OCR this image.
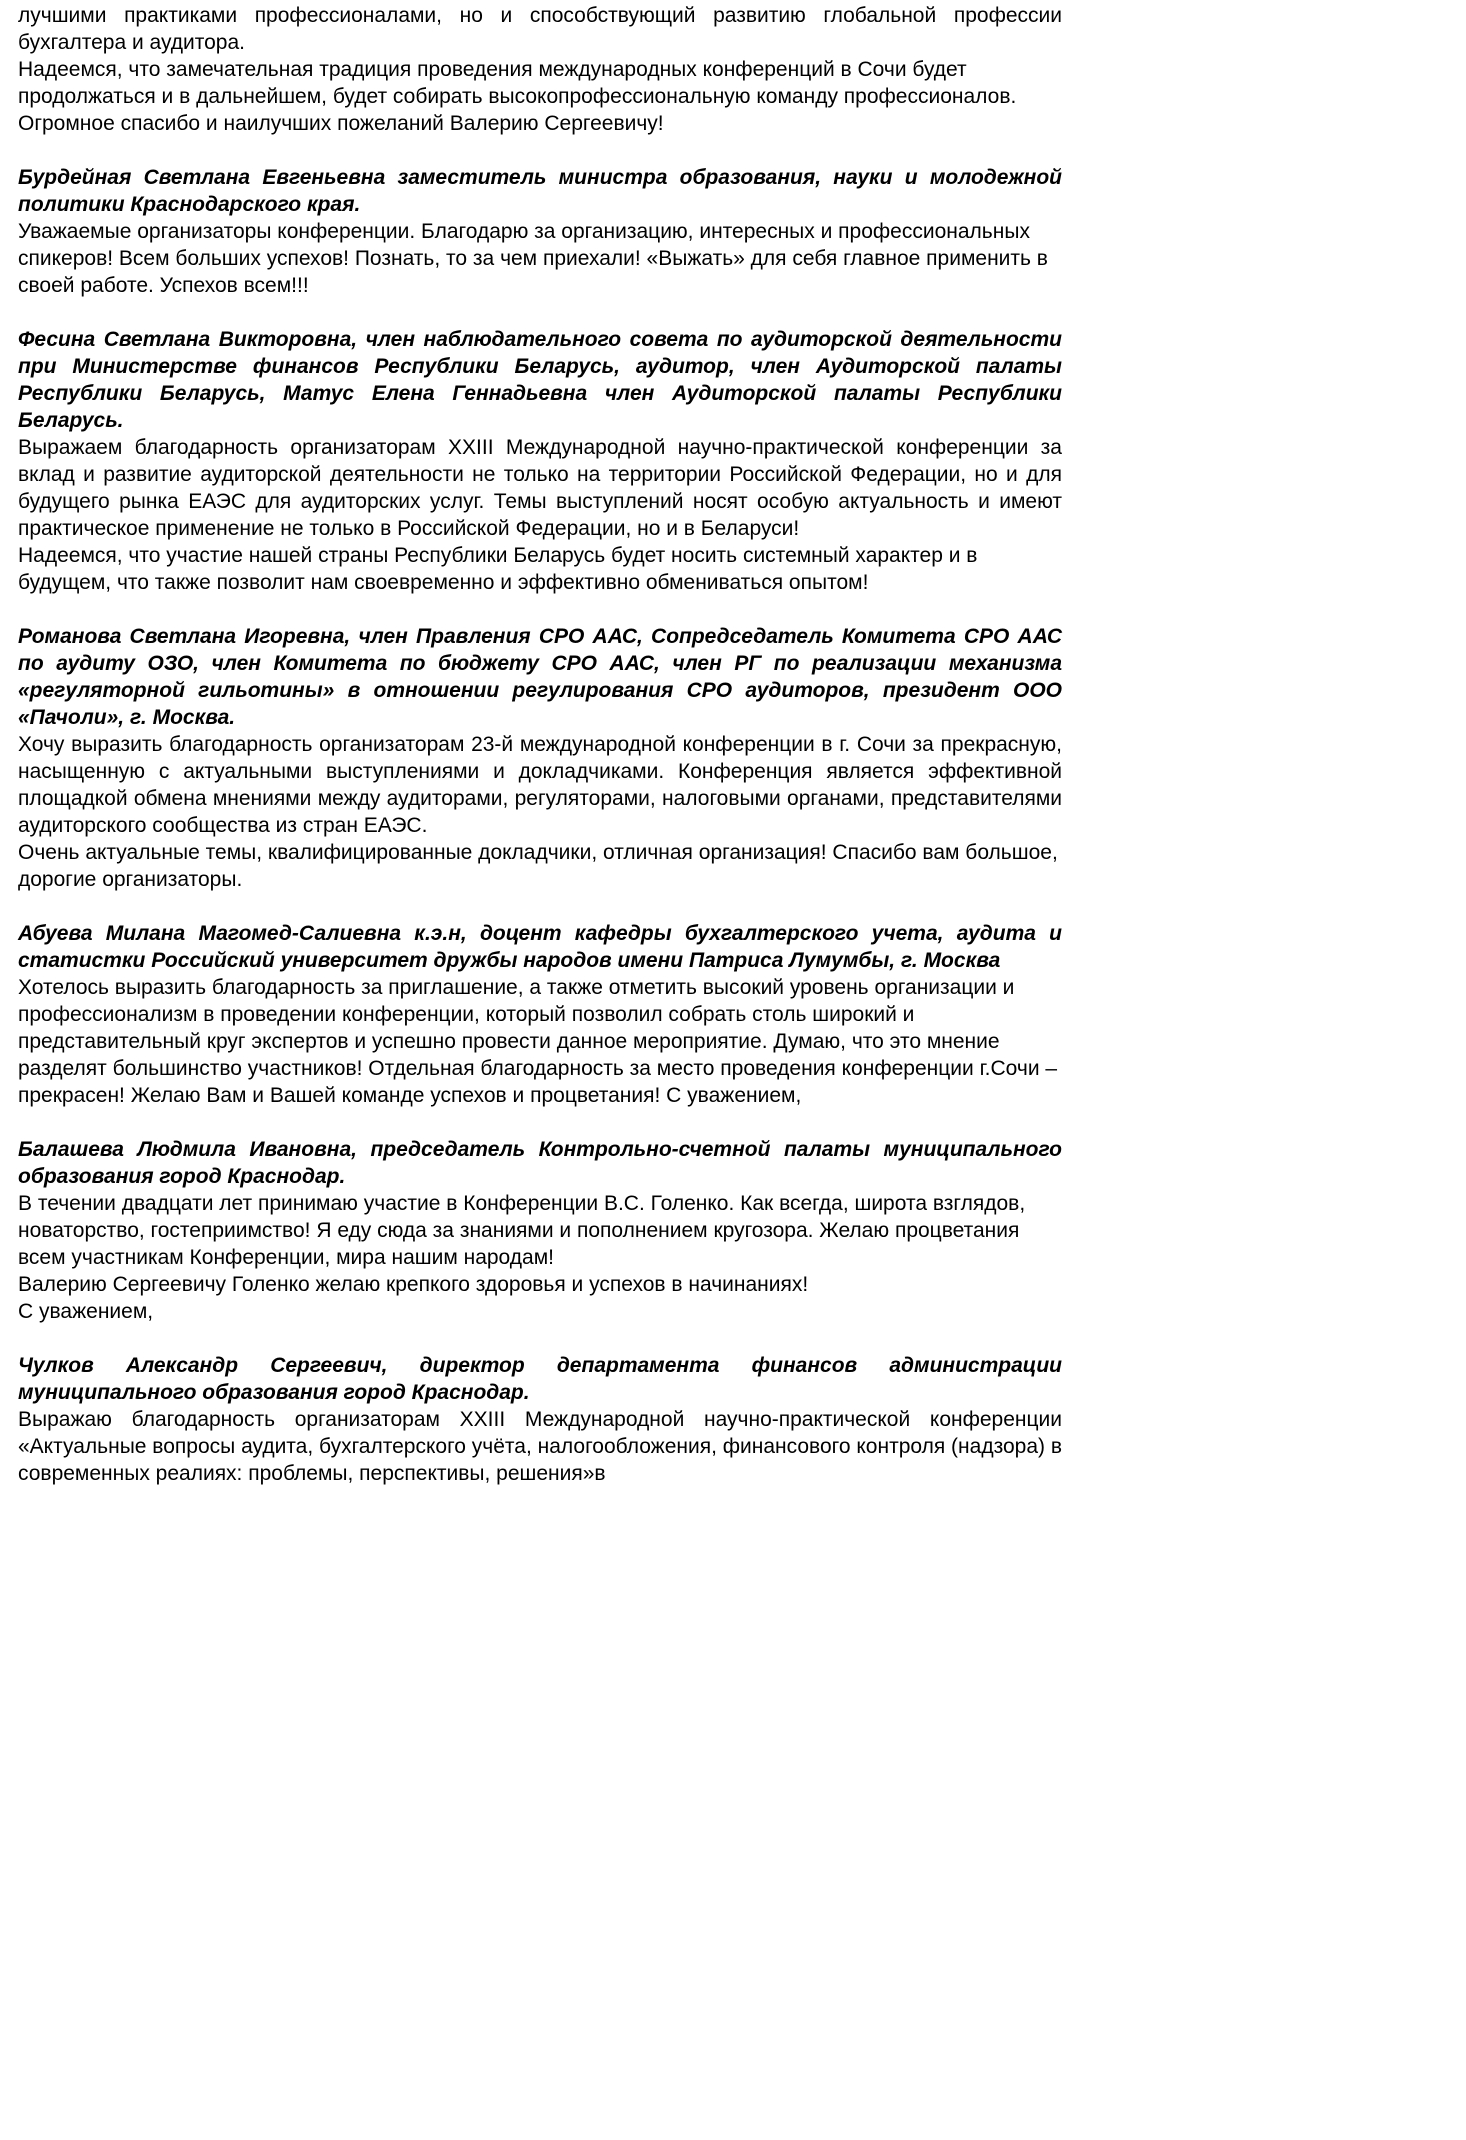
лучшими практиками профессионалами, но и способствующий развитию глобальной профессии бухгалтера и аудитора.

Надеемся, что замечательная традиция проведения международных конференций в Сочи будет продолжаться и в дальнейшем, будет собирать высокопрофессиональную команду профессионалов. Огромное спасибо и наилучших пожеланий Валерию Сергеевичу!

Бурдейная Светлана Евгеньевна заместитель министра образования, науки и молодежной политики Краснодарского края.

Уважаемые организаторы конференции. Благодарю за организацию, интересных и профессиональных спикеров! Всем больших успехов! Познать, то за чем приехали! «Выжать» для себя главное применить в своей работе. Успехов всем!!!

Фесина Светлана Викторовна, член наблюдательного совета по аудиторской деятельности при Министерстве финансов Республики Беларусь, аудитор, член Аудиторской палаты Республики Беларусь, Матус Елена Геннадьевна член Аудиторской палаты Республики Беларусь.

Выражаем благодарность организаторам XXIII Международной научно-практической конференции за вклад и развитие аудиторской деятельности не только на территории Российской Федерации, но и для будущего рынка ЕАЭС для аудиторских услуг. Темы выступлений носят особую актуальность и имеют практическое применение не только в Российской Федерации, но и в Беларуси!

Надеемся, что участие нашей страны Республики Беларусь будет носить системный характер и в будущем, что также позволит нам своевременно и эффективно обмениваться опытом!

Романова Светлана Игоревна, член Правления СРО ААС, Сопредседатель Комитета СРО ААС по аудиту ОЗО, член Комитета по бюджету СРО ААС, член РГ по реализации механизма «регуляторной гильотины» в отношении регулирования СРО аудиторов, президент ООО «Пачоли», г. Москва.

Хочу выразить благодарность организаторам 23-й международной конференции в г. Сочи за прекрасную, насыщенную с актуальными выступлениями и докладчиками. Конференция является эффективной площадкой обмена мнениями между аудиторами, регуляторами, налоговыми органами, представителями аудиторского сообщества из стран ЕАЭС.

Очень актуальные темы, квалифицированные докладчики, отличная организация! Спасибо вам большое, дорогие организаторы.

Абуева Милана Магомед-Салиевна к.э.н, доцент кафедры бухгалтерского учета, аудита и статистки Российский университет дружбы народов имени Патриса Лумумбы, г. Москва

Хотелось выразить благодарность за приглашение, а также отметить высокий уровень организации и профессионализм в проведении конференции, который позволил собрать столь широкий и представительный круг экспертов и успешно провести данное мероприятие. Думаю, что это мнение разделят большинство участников! Отдельная благодарность за место проведения конференции г.Сочи – прекрасен! Желаю Вам и Вашей команде успехов и процветания! С уважением,

Балашева Людмила Ивановна, председатель Контрольно-счетной палаты муниципального образования город Краснодар.

В течении двадцати лет принимаю участие в Конференции В.С. Голенко. Как всегда, широта взглядов, новаторство, гостеприимство! Я еду сюда за знаниями и пополнением кругозора. Желаю процветания всем участникам Конференции, мира нашим народам!

Валерию Сергеевичу Голенко желаю крепкого здоровья и успехов в начинаниях!

С уважением,

Чулков Александр Сергеевич, директор департамента финансов администрации муниципального образования город Краснодар.

Выражаю благодарность организаторам XXIII Международной научно-практической конференции «Актуальные вопросы аудита, бухгалтерского учёта, налогообложения, финансового контроля (надзора) в современных реалиях: проблемы, перспективы, решения»в
